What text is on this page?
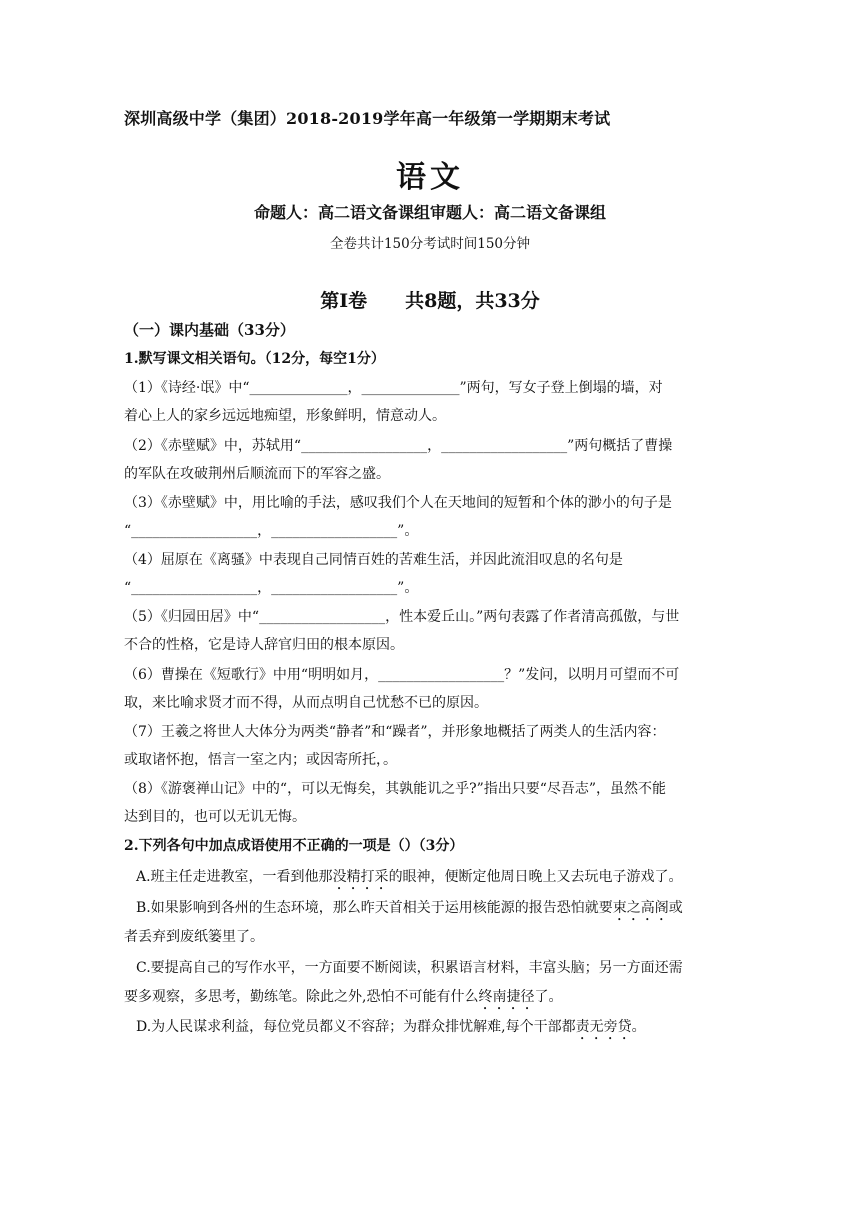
深圳高级中学（集团）2018-2019学年高一年级第一学期期末考试
语文
命题人：高二语文备课组审题人：高二语文备课组
全卷共计150分考试时间150分钟
第Ⅰ卷　　共8题，共33分
（一）课内基础（33分）
1.默写课文相关语句。（12分，每空1分）
（1）《诗经·氓》中“______________，______________”两句，写女子登上倒塌的墙，对
着心上人的家乡远远地痴望，形象鲜明，情意动人。
（2）《赤壁赋》中，苏轼用“__________________，__________________”两句概括了曹操
的军队在攻破荆州后顺流而下的军容之盛。
（3）《赤壁赋》中，用比喻的手法，感叹我们个人在天地间的短暂和个体的渺小的句子是
“__________________，__________________”。
（4）屈原在《离骚》中表现自己同情百姓的苦难生活，并因此流泪叹息的名句是
“__________________，__________________”。
（5）《归园田居》中“__________________，性本爱丘山。”两句表露了作者清高孤傲，与世
不合的性格，它是诗人辞官归田的根本原因。
（6）曹操在《短歌行》中用“明明如月，__________________？”发问，以明月可望而不可
取，来比喻求贤才而不得，从而点明自己忧愁不已的原因。
（7）王羲之将世人大体分为两类“静者”和“躁者”，并形象地概括了两类人的生活内容：
或取诸怀抱，悟言一室之内；或因寄所托，。
（8）《游褒禅山记》中的“，可以无悔矣，其孰能讥之乎?”指出只要“尽吾志”，虽然不能
达到目的，也可以无讥无悔。
2.下列各句中加点成语使用不正确的一项是（）（3分）
A.班主任走进教室，一看到他那没精打采的眼神，便断定他周日晚上又去玩电子游戏了。
B.如果影响到各州的生态环境，那么昨天首相关于运用核能源的报告恐怕就要束之高阁或
者丢弃到废纸篓里了。
C.要提高自己的写作水平，一方面要不断阅读，积累语言材料，丰富头脑；另一方面还需
要多观察，多思考，勤练笔。除此之外,恐怕不可能有什么终南捷径了。
D.为人民谋求利益，每位党员都义不容辞；为群众排忧解难,每个干部都责无旁贷。
